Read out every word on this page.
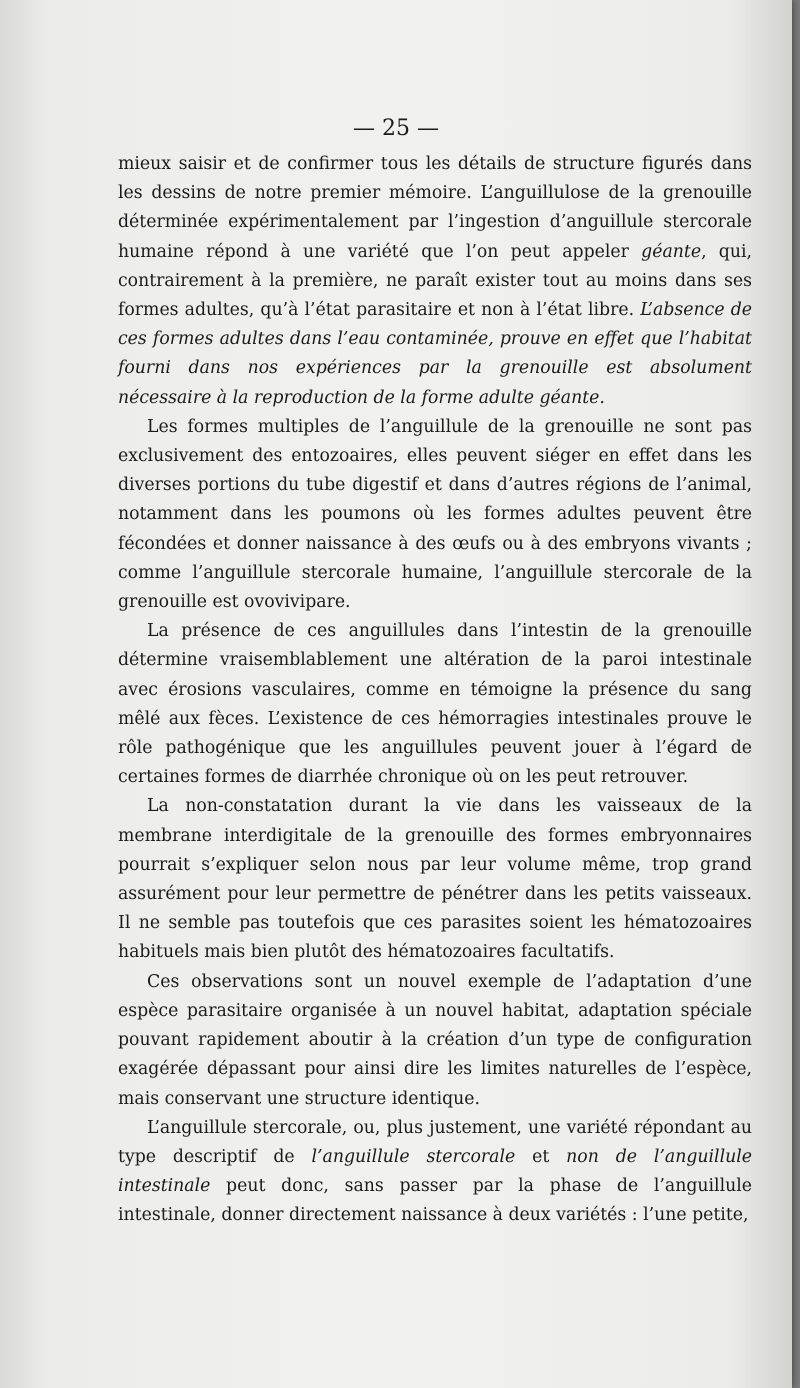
— 25 —

mieux saisir et de confirmer tous les détails de structure figurés dans les dessins de notre premier mémoire. L’anguillulose de la grenouille déterminée expérimentalement par l’ingestion d’anguillule stercorale humaine répond à une variété que l’on peut appeler géante, qui, contrairement à la première, ne paraît exister tout au moins dans ses formes adultes, qu’à l’état parasitaire et non à l’état libre. L’absence de ces formes adultes dans l’eau contaminée, prouve en effet que l’habitat fourni dans nos expériences par la grenouille est absolument nécessaire à la reproduction de la forme adulte géante.

Les formes multiples de l’anguillule de la grenouille ne sont pas exclusivement des entozoaires, elles peuvent siéger en effet dans les diverses portions du tube digestif et dans d’autres régions de l’animal, notamment dans les poumons où les formes adultes peuvent être fécondées et donner naissance à des œufs ou à des embryons vivants ; comme l’anguillule stercorale humaine, l’anguillule stercorale de la grenouille est ovovivipare.

La présence de ces anguillules dans l’intestin de la grenouille détermine vraisemblablement une altération de la paroi intestinale avec érosions vasculaires, comme en témoigne la présence du sang mêlé aux fèces. L’existence de ces hémorragies intestinales prouve le rôle pathogénique que les anguillules peuvent jouer à l’égard de certaines formes de diarrhée chronique où on les peut retrouver.

La non-constatation durant la vie dans les vaisseaux de la membrane interdigitale de la grenouille des formes embryonnaires pourrait s’expliquer selon nous par leur volume même, trop grand assurément pour leur permettre de pénétrer dans les petits vaisseaux. Il ne semble pas toutefois que ces parasites soient les hématozoaires habituels mais bien plutôt des hématozoaires facultatifs.

Ces observations sont un nouvel exemple de l’adaptation d’une espèce parasitaire organisée à un nouvel habitat, adaptation spéciale pouvant rapidement aboutir à la création d’un type de configuration exagérée dépassant pour ainsi dire les limites naturelles de l’espèce, mais conservant une structure identique.

L’anguillule stercorale, ou, plus justement, une variété répondant au type descriptif de l’anguillule stercorale et non de l’anguillule intestinale peut donc, sans passer par la phase de l’anguillule intestinale, donner directement naissance à deux variétés : l’une petite,
